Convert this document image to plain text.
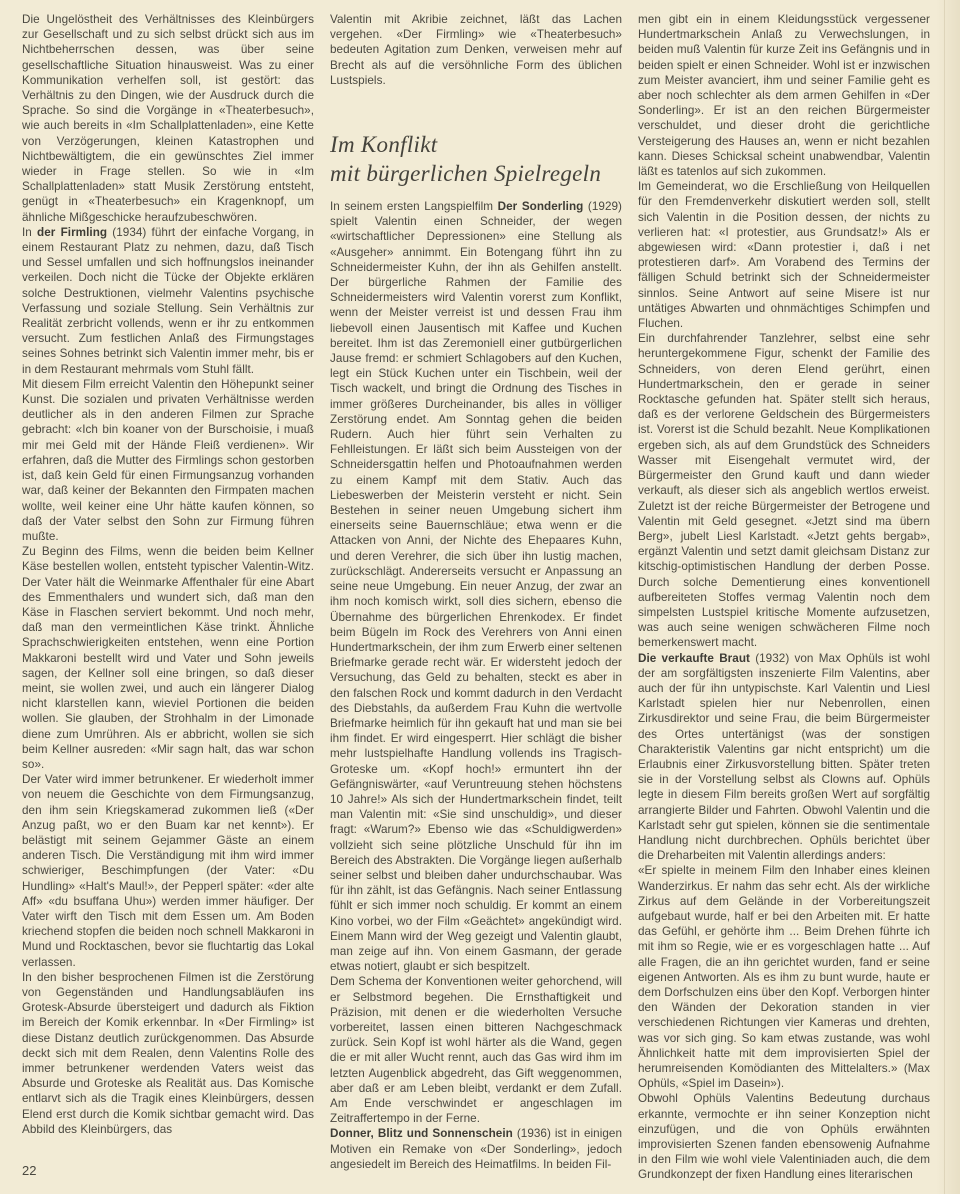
Die Ungelöstheit des Verhältnisses des Kleinbürgers zur Gesellschaft und zu sich selbst drückt sich aus im Nichtbeherrschen dessen, was über seine gesellschaftliche Situation hinausweist. Was zu einer Kommunikation verhelfen soll, ist gestört: das Verhältnis zu den Dingen, wie der Ausdruck durch die Sprache. So sind die Vorgänge in «Theaterbesuch», wie auch bereits in «Im Schallplattenladen», eine Kette von Verzögerungen, kleinen Katastrophen und Nichtbewältigtem, die ein gewünschtes Ziel immer wieder in Frage stellen. So wie in «Im Schallplattenladen» statt Musik Zerstörung entsteht, genügt in «Theaterbesuch» ein Kragenknopf, um ähnliche Mißgeschicke heraufzubeschwören.

In der Firmling (1934) führt der einfache Vorgang, in einem Restaurant Platz zu nehmen, dazu, daß Tisch und Sessel umfallen und sich hoffnungslos ineinander verkeilen. Doch nicht die Tücke der Objekte erklären solche Destruktionen, vielmehr Valentins psychische Verfassung und soziale Stellung. Sein Verhältnis zur Realität zerbricht vollends, wenn er ihr zu entkommen versucht. Zum festlichen Anlaß des Firmungstages seines Sohnes betrinkt sich Valentin immer mehr, bis er in dem Restaurant mehrmals vom Stuhl fällt.

Mit diesem Film erreicht Valentin den Höhepunkt seiner Kunst. Die sozialen und privaten Verhältnisse werden deutlicher als in den anderen Filmen zur Sprache gebracht: «Ich bin koaner von der Burschoisie, i muaß mir mei Geld mit der Hände Fleiß verdienen». Wir erfahren, daß die Mutter des Firmlings schon gestorben ist, daß kein Geld für einen Firmungsanzug vorhanden war, daß keiner der Bekannten den Firmpaten machen wollte, weil keiner eine Uhr hätte kaufen können, so daß der Vater selbst den Sohn zur Firmung führen mußte.

Zu Beginn des Films, wenn die beiden beim Kellner Käse bestellen wollen, entsteht typischer Valentin-Witz. Der Vater hält die Weinmarke Affenthaler für eine Abart des Emmenthalers und wundert sich, daß man den Käse in Flaschen serviert bekommt. Und noch mehr, daß man den vermeintlichen Käse trinkt. Ähnliche Sprachschwierigkeiten entstehen, wenn eine Portion Makkaroni bestellt wird und Vater und Sohn jeweils sagen, der Kellner soll eine bringen, so daß dieser meint, sie wollen zwei, und auch ein längerer Dialog nicht klarstellen kann, wieviel Portionen die beiden wollen. Sie glauben, der Strohhalm in der Limonade diene zum Umrühren. Als er abbricht, wollen sie sich beim Kellner ausreden: «Mir sagn halt, das war schon so».

Der Vater wird immer betrunkener. Er wiederholt immer von neuem die Geschichte von dem Firmungsanzug, den ihm sein Kriegskamerad zukommen ließ («Der Anzug paßt, wo er den Buam kar net kennt»). Er belästigt mit seinem Gejammer Gäste an einem anderen Tisch. Die Verständigung mit ihm wird immer schwieriger, Beschimpfungen (der Vater: «Du Hundling» «Halt's Maul!», der Pepperl später: «der alte Aff» «du bsuffana Uhu») werden immer häufiger. Der Vater wirft den Tisch mit dem Essen um. Am Boden kriechend stopfen die beiden noch schnell Makkaroni in Mund und Rocktaschen, bevor sie fluchtartig das Lokal verlassen.

In den bisher besprochenen Filmen ist die Zerstörung von Gegenständen und Handlungsabläufen ins Grotesk-Absurde übersteigert und dadurch als Fiktion im Bereich der Komik erkennbar. In «Der Firmling» ist diese Distanz deutlich zurückgenommen. Das Absurde deckt sich mit dem Realen, denn Valentins Rolle des immer betrunkener werdenden Vaters weist das Absurde und Groteske als Realität aus. Das Komische entlarvt sich als die Tragik eines Kleinbürgers, dessen Elend erst durch die Komik sichtbar gemacht wird. Das Abbild des Kleinbürgers, das

Valentin mit Akribie zeichnet, läßt das Lachen vergehen. «Der Firmling» wie «Theaterbesuch» bedeuten Agitation zum Denken, verweisen mehr auf Brecht als auf die versöhnliche Form des üblichen Lustspiels.

Im Konflikt
mit bürgerlichen Spielregeln

In seinem ersten Langspielfilm Der Sonderling (1929) spielt Valentin einen Schneider, der wegen «wirtschaftlicher Depressionen» eine Stellung als «Ausgeher» annimmt. Ein Botengang führt ihn zu Schneidermeister Kuhn, der ihn als Gehilfen anstellt. Der bürgerliche Rahmen der Familie des Schneidermeisters wird Valentin vorerst zum Konflikt, wenn der Meister verreist ist und dessen Frau ihm liebevoll einen Jausentisch mit Kaffee und Kuchen bereitet. Ihm ist das Zeremoniell einer gutbürgerlichen Jause fremd: er schmiert Schlagobers auf den Kuchen, legt ein Stück Kuchen unter ein Tischbein, weil der Tisch wackelt, und bringt die Ordnung des Tisches in immer größeres Durcheinander, bis alles in völliger Zerstörung endet. Am Sonntag gehen die beiden Rudern. Auch hier führt sein Verhalten zu Fehlleistungen. Er läßt sich beim Aussteigen von der Schneidersgattin helfen und Photoaufnahmen werden zu einem Kampf mit dem Stativ. Auch das Liebeswerben der Meisterin versteht er nicht. Sein Bestehen in seiner neuen Umgebung sichert ihm einerseits seine Bauernschläue; etwa wenn er die Attacken von Anni, der Nichte des Ehepaares Kuhn, und deren Verehrer, die sich über ihn lustig machen, zurückschlägt. Andererseits versucht er Anpassung an seine neue Umgebung. Ein neuer Anzug, der zwar an ihm noch komisch wirkt, soll dies sichern, ebenso die Übernahme des bürgerlichen Ehrenkodex. Er findet beim Bügeln im Rock des Verehrers von Anni einen Hundertmarkschein, der ihm zum Erwerb einer seltenen Briefmarke gerade recht wär. Er widersteht jedoch der Versuchung, das Geld zu behalten, steckt es aber in den falschen Rock und kommt dadurch in den Verdacht des Diebstahls, da außerdem Frau Kuhn die wertvolle Briefmarke heimlich für ihn gekauft hat und man sie bei ihm findet. Er wird eingesperrt. Hier schlägt die bisher mehr lustspielhafte Handlung vollends ins Tragisch-Groteske um. «Kopf hoch!» ermuntert ihn der Gefängniswärter, «auf Veruntreuung stehen höchstens 10 Jahre!» Als sich der Hundertmarkschein findet, teilt man Valentin mit: «Sie sind unschuldig», und dieser fragt: «Warum?» Ebenso wie das «Schuldigwerden» vollzieht sich seine plötzliche Unschuld für ihn im Bereich des Abstrakten. Die Vorgänge liegen außerhalb seiner selbst und bleiben daher undurchschaubar. Was für ihn zählt, ist das Gefängnis. Nach seiner Entlassung fühlt er sich immer noch schuldig. Er kommt an einem Kino vorbei, wo der Film «Geächtet» angekündigt wird. Einem Mann wird der Weg gezeigt und Valentin glaubt, man zeige auf ihn. Von einem Gasmann, der gerade etwas notiert, glaubt er sich bespitzelt.

Dem Schema der Konventionen weiter gehorchend, will er Selbstmord begehen. Die Ernsthaftigkeit und Präzision, mit denen er die wiederholten Versuche vorbereitet, lassen einen bitteren Nachgeschmack zurück. Sein Kopf ist wohl härter als die Wand, gegen die er mit aller Wucht rennt, auch das Gas wird ihm im letzten Augenblick abgedreht, das Gift weggenommen, aber daß er am Leben bleibt, verdankt er dem Zufall. Am Ende verschwindet er angeschlagen im Zeitraffertempo in der Ferne.

Donner, Blitz und Sonnenschein (1936) ist in einigen Motiven ein Remake von «Der Sonderling», jedoch angesiedelt im Bereich des Heimatfilms. In beiden Fil-

men gibt ein in einem Kleidungsstück vergessener Hundertmarkschein Anlaß zu Verwechslungen, in beiden muß Valentin für kurze Zeit ins Gefängnis und in beiden spielt er einen Schneider. Wohl ist er inzwischen zum Meister avanciert, ihm und seiner Familie geht es aber noch schlechter als dem armen Gehilfen in «Der Sonderling». Er ist an den reichen Bürgermeister verschuldet, und dieser droht die gerichtliche Versteigerung des Hauses an, wenn er nicht bezahlen kann. Dieses Schicksal scheint unabwendbar, Valentin läßt es tatenlos auf sich zukommen.

Im Gemeinderat, wo die Erschließung von Heilquellen für den Fremdenverkehr diskutiert werden soll, stellt sich Valentin in die Position dessen, der nichts zu verlieren hat: «I protestier, aus Grundsatz!» Als er abgewiesen wird: «Dann protestier i, daß i net protestieren darf». Am Vorabend des Termins der fälligen Schuld betrinkt sich der Schneidermeister sinnlos. Seine Antwort auf seine Misere ist nur untätiges Abwarten und ohnmächtiges Schimpfen und Fluchen.

Ein durchfahrender Tanzlehrer, selbst eine sehr heruntergekommene Figur, schenkt der Familie des Schneiders, von deren Elend gerührt, einen Hundertmarkschein, den er gerade in seiner Rocktasche gefunden hat. Später stellt sich heraus, daß es der verlorene Geldschein des Bürgermeisters ist. Vorerst ist die Schuld bezahlt. Neue Komplikationen ergeben sich, als auf dem Grundstück des Schneiders Wasser mit Eisengehalt vermutet wird, der Bürgermeister den Grund kauft und dann wieder verkauft, als dieser sich als angeblich wertlos erweist. Zuletzt ist der reiche Bürgermeister der Betrogene und Valentin mit Geld gesegnet. «Jetzt sind ma übern Berg», jubelt Liesl Karlstadt. «Jetzt gehts bergab», ergänzt Valentin und setzt damit gleichsam Distanz zur kitschig-optimistischen Handlung der derben Posse. Durch solche Dementierung eines konventionell aufbereiteten Stoffes vermag Valentin noch dem simpelsten Lustspiel kritische Momente aufzusetzen, was auch seine wenigen schwächeren Filme noch bemerkenswert macht.

Die verkaufte Braut (1932) von Max Ophüls ist wohl der am sorgfältigsten inszenierte Film Valentins, aber auch der für ihn untypischste. Karl Valentin und Liesl Karlstadt spielen hier nur Nebenrollen, einen Zirkusdirektor und seine Frau, die beim Bürgermeister des Ortes untertänigst (was der sonstigen Charakteristik Valentins gar nicht entspricht) um die Erlaubnis einer Zirkusvorstellung bitten. Später treten sie in der Vorstellung selbst als Clowns auf. Ophüls legte in diesem Film bereits großen Wert auf sorgfältig arrangierte Bilder und Fahrten. Obwohl Valentin und die Karlstadt sehr gut spielen, können sie die sentimentale Handlung nicht durchbrechen. Ophüls berichtet über die Dreharbeiten mit Valentin allerdings anders:

«Er spielte in meinem Film den Inhaber eines kleinen Wanderzirkus. Er nahm das sehr echt. Als der wirkliche Zirkus auf dem Gelände in der Vorbereitungszeit aufgebaut wurde, half er bei den Arbeiten mit. Er hatte das Gefühl, er gehörte ihm ... Beim Drehen führte ich mit ihm so Regie, wie er es vorgeschlagen hatte ... Auf alle Fragen, die an ihn gerichtet wurden, fand er seine eigenen Antworten. Als es ihm zu bunt wurde, haute er dem Dorfschulzen eins über den Kopf. Verborgen hinter den Wänden der Dekoration standen in vier verschiedenen Richtungen vier Kameras und drehten, was vor sich ging. So kam etwas zustande, was wohl Ähnlichkeit hatte mit dem improvisierten Spiel der herumreisenden Komödianten des Mittelalters.» (Max Ophüls, «Spiel im Dasein»).

Obwohl Ophüls Valentins Bedeutung durchaus erkannte, vermochte er ihn seiner Konzeption nicht einzufügen, und die von Ophüls erwähnten improvisierten Szenen fanden ebensowenig Aufnahme in den Film wie wohl viele Valentiniaden auch, die dem Grundkonzept der fixen Handlung eines literarischen

22
